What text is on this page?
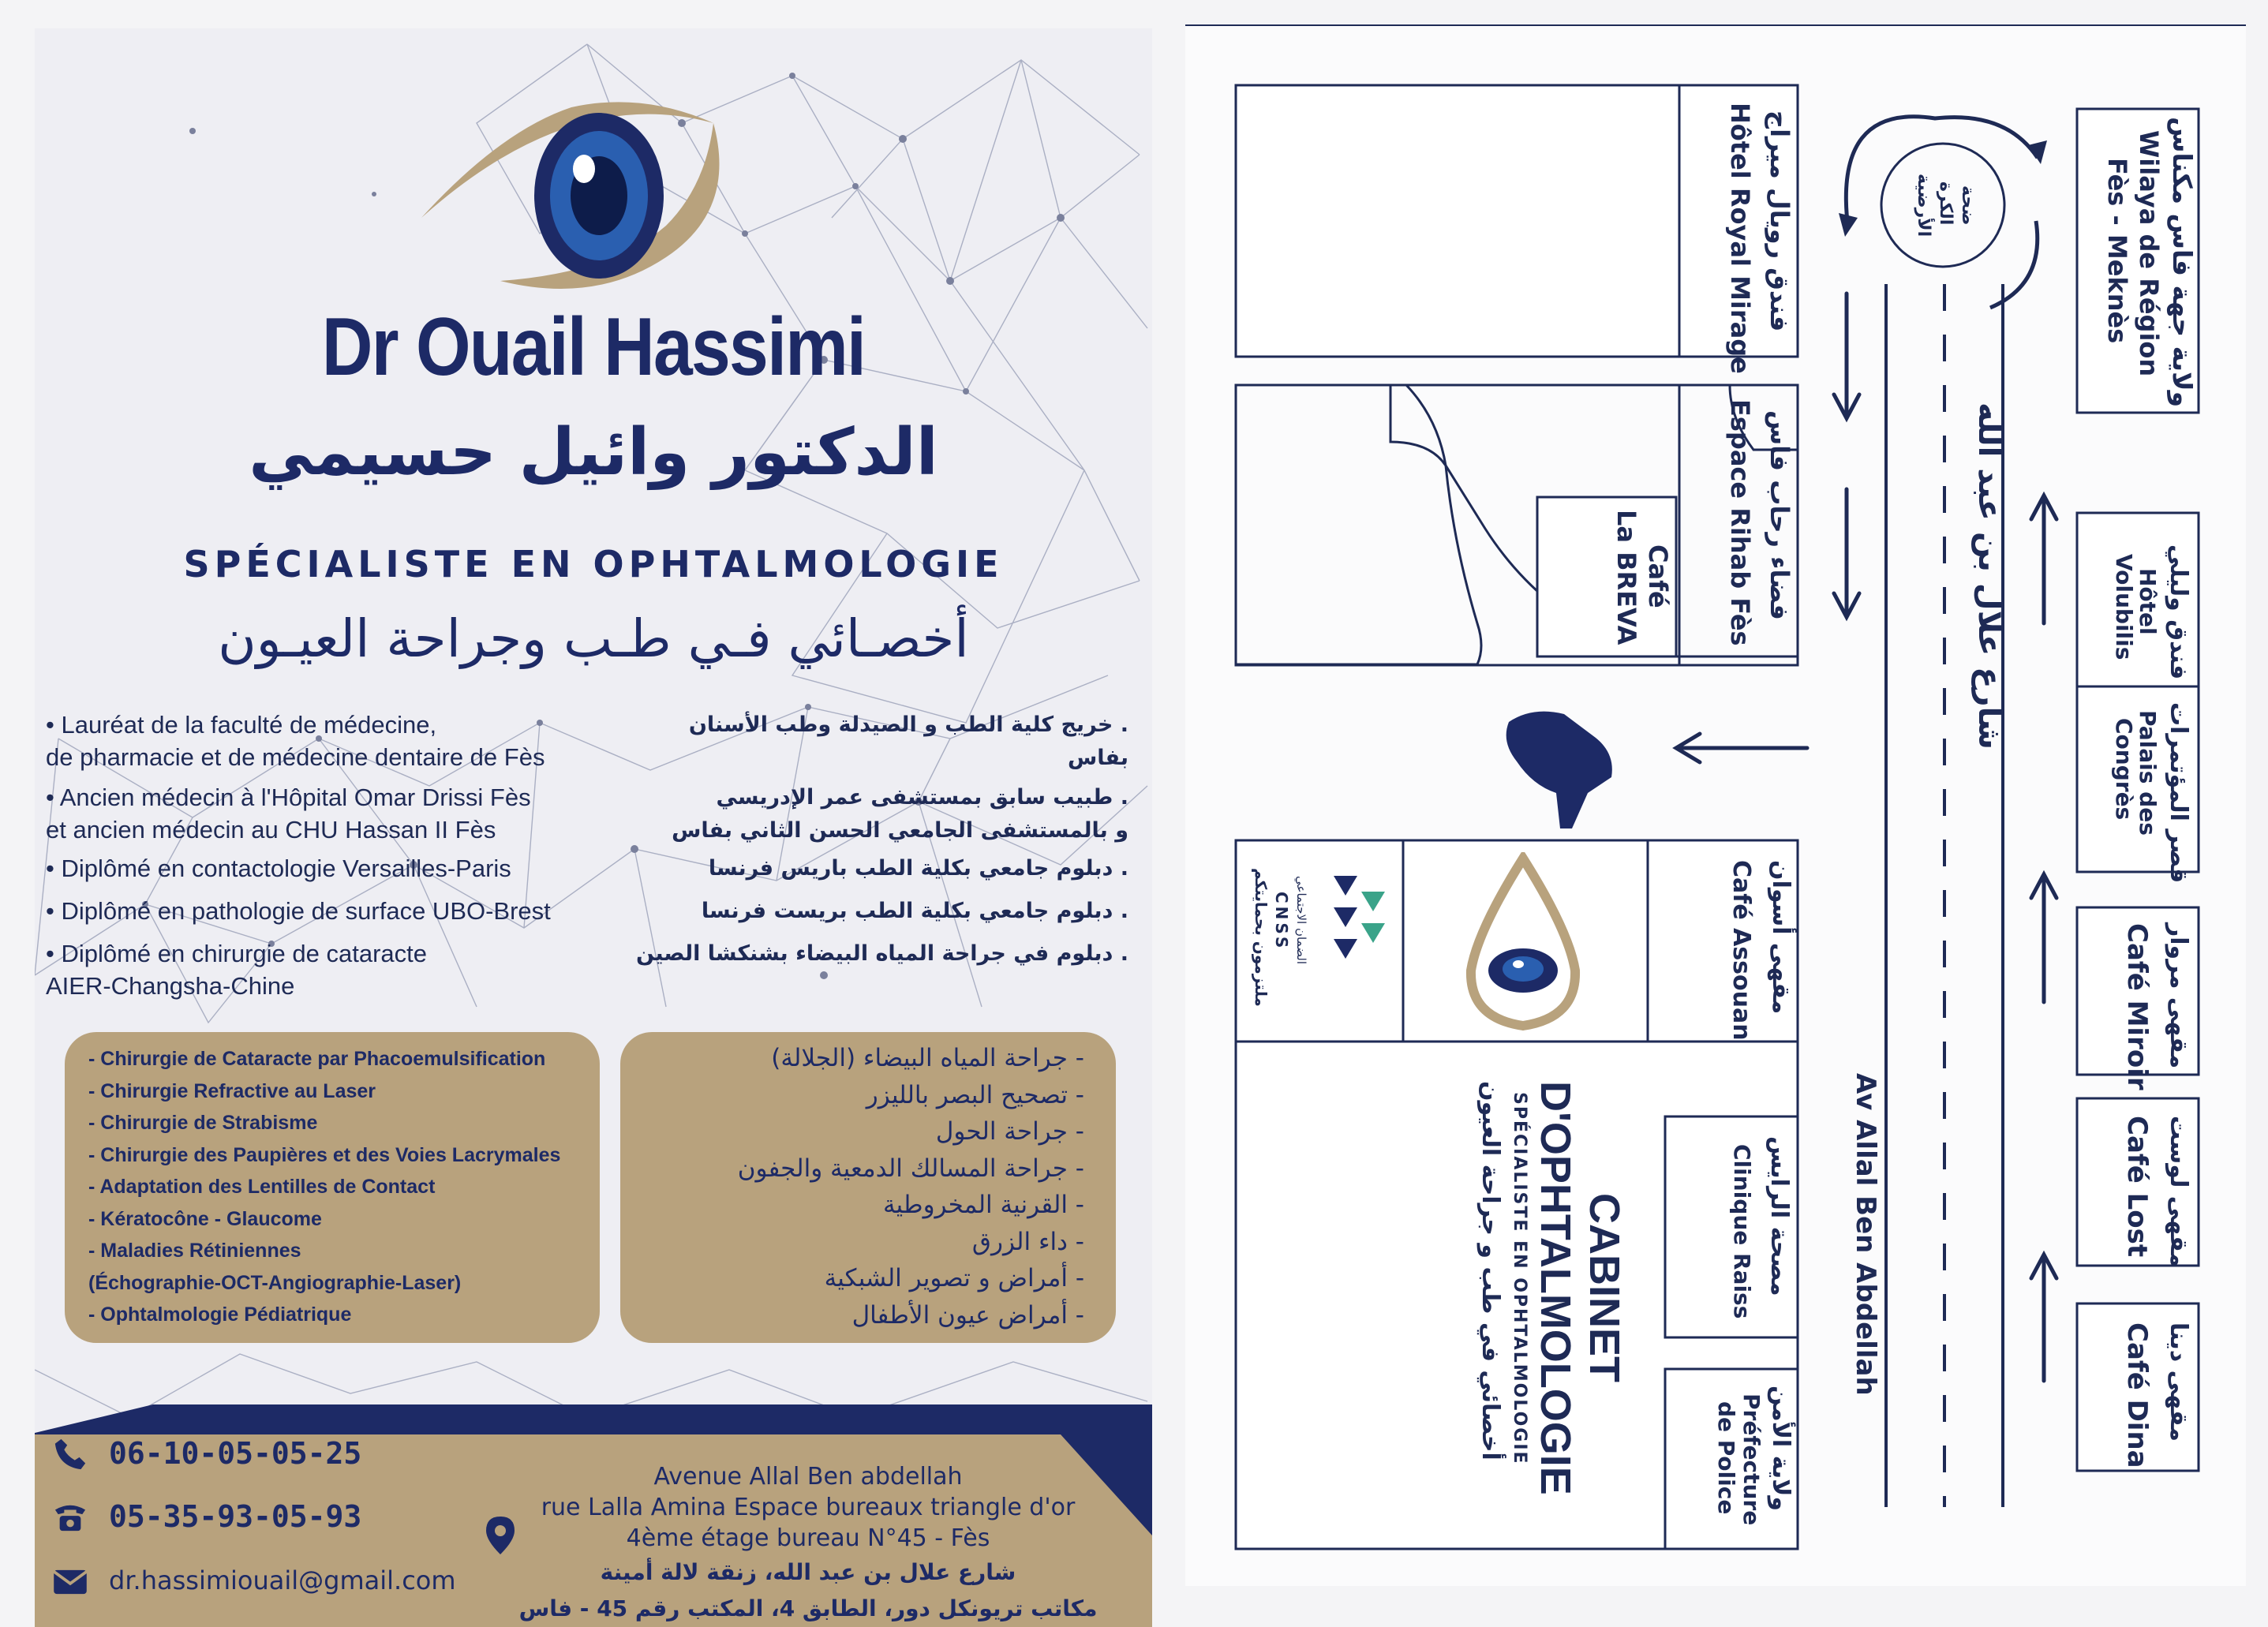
Dr Ouail Hassimi
الدكتور وائيل حسيمي
SPÉCIALISTE EN OPHTALMOLOGIE
أخصـائي فـي طـب وجراحة العيـون
• Lauréat de la faculté de médecine,
de pharmacie et de médecine dentaire de Fès
• Ancien médecin à l'Hôpital Omar Drissi Fès
et ancien médecin au CHU Hassan II Fès
• Diplômé en contactologie Versailles-Paris
• Diplômé en pathologie de surface UBO-Brest
• Diplômé en chirurgie de cataracte
AIER-Changsha-Chine
. خريج كلية الطب و الصيدلة وطب الأسنان بفاس
. طبيب سابق بمستشفى عمر الإدريسي
و بالمستشفى الجامعي الحسن الثاني بفاس
. دبلوم جامعي بكلية الطب باريس فرنسا
. دبلوم جامعي بكلية الطب بريست فرنسا
. دبلوم في جراحة المياه البيضاء بشنكشا الصين
- Chirurgie de Cataracte par Phacoemulsification
- Chirurgie Refractive au Laser
- Chirurgie de Strabisme
- Chirurgie des Paupières et des Voies Lacrymales
- Adaptation des Lentilles de Contact
- Kératocône - Glaucome
- Maladies Rétiniennes
(Échographie-OCT-Angiographie-Laser)
- Ophtalmologie Pédiatrique
- جراحة المياه البيضاء (الجلالة)
- تصحيح البصر بالليزر
- جراحة الحول
- جراحة المسالك الدمعية والجفون
- القرنية المخروطية
- داء الزرق
- أمراض و تصوير الشبكية
- أمراض عيون الأطفال
06-10-05-05-25
05-35-93-05-93
dr.hassimiouail@gmail.com
Avenue Allal Ben abdellah
rue Lalla Amina Espace bureaux triangle d'or
4ème étage bureau N°45 - Fès
شارع علال بن عبد الله، زنقة لالة أمينة
مكاتب تريونكل دور، الطابق 4، المكتب رقم 45 - فاس
ولاية جهة فاس مكناس
Wilaya de Région
Fès - Meknès
ضحة
الكرة
الأرضية
شارع علال بن عبد الله
Av Allal Ben Abdellah
فندق وليلي
Hôtel
Volubilis
قصر المؤتمرات
Palais des
Congrès
مقهى مروار
Café Miroir
مقهى لوست
Café Lost
مقهى دينا
Café Dina
فندق رويال ميراج
Hôtel Royal Mirage
فضاء رحاب فاس
Espace Rihab Fès
Café
La BREVA
مقهى أسوان
Café Assouan
الضمان الاجتماعي
CNSS
ملتزمون بحمايتكم
مصحة الرايس
Clinique Raiss
ولاية الأمن
Préfecture
de Police
CABINET
D'OPHTALMOLOGIE
SPÉCIALISTE EN OPHTALMOLOGIE
أخصائي في طب و جراحة العيون
